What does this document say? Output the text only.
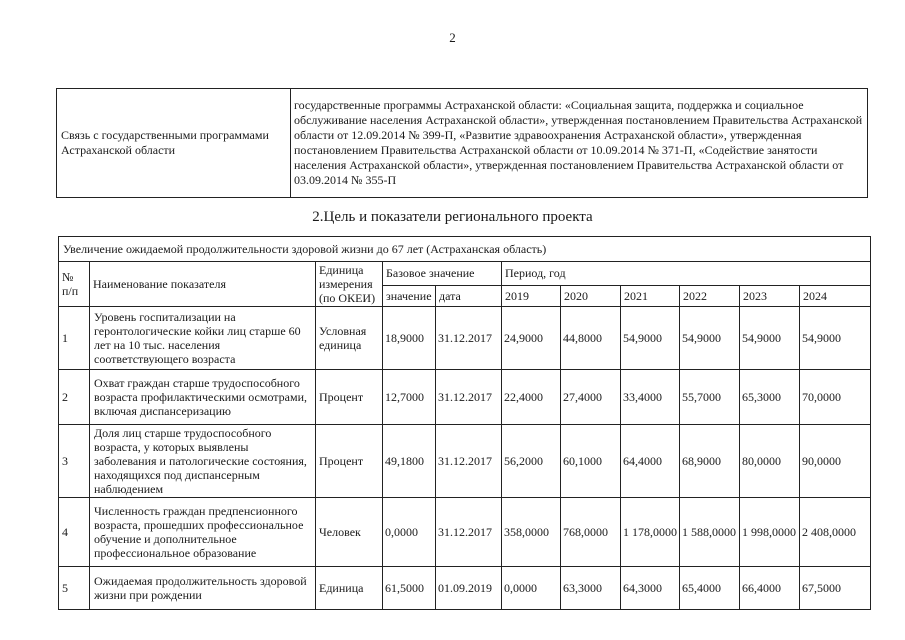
2
Связь с государственными программами Астраханской области	государственные программы Астраханской области: «Социальная защита, поддержка и социальное обслуживание населения Астраханской области», утвержденная постановлением Правительства Астраханской области от 12.09.2014 № 399-П, «Развитие здравоохранения Астраханской области», утвержденная постановлением Правительства Астраханской области от 10.09.2014 № 371-П, «Содействие занятости населения Астраханской области», утвержденная постановлением Правительства Астраханской области от 03.09.2014 № 355-П
2.Цель и показатели регионального проекта
Увеличение ожидаемой продолжительности здоровой жизни до 67 лет (Астраханская область)										
№ п/п	Наименование показателя	Единица измерения (по ОКЕИ)	Базовое значение		Период, год					
			значение	дата	2019	2020	2021	2022	2023	2024
1	Уровень госпитализации на геронтологические койки лиц старше 60 лет на 10 тыс. населения соответствующего возраста	Условная единица	18,9000	31.12.2017	24,9000	44,8000	54,9000	54,9000	54,9000	54,9000
2	Охват граждан старше трудоспособного возраста профилактическими осмотрами, включая диспансеризацию	Процент	12,7000	31.12.2017	22,4000	27,4000	33,4000	55,7000	65,3000	70,0000
3	Доля лиц старше трудоспособного возраста, у которых выявлены заболевания и патологические состояния, находящихся под диспансерным наблюдением	Процент	49,1800	31.12.2017	56,2000	60,1000	64,4000	68,9000	80,0000	90,0000
4	Численность граждан предпенсионного возраста, прошедших профессиональное обучение и дополнительное профессиональное образование	Человек	0,0000	31.12.2017	358,0000	768,0000	1 178,0000	1 588,0000	1 998,0000	2 408,0000
5	Ожидаемая продолжительность здоровой жизни при рождении	Единица	61,5000	01.09.2019	0,0000	63,3000	64,3000	65,4000	66,4000	67,5000
